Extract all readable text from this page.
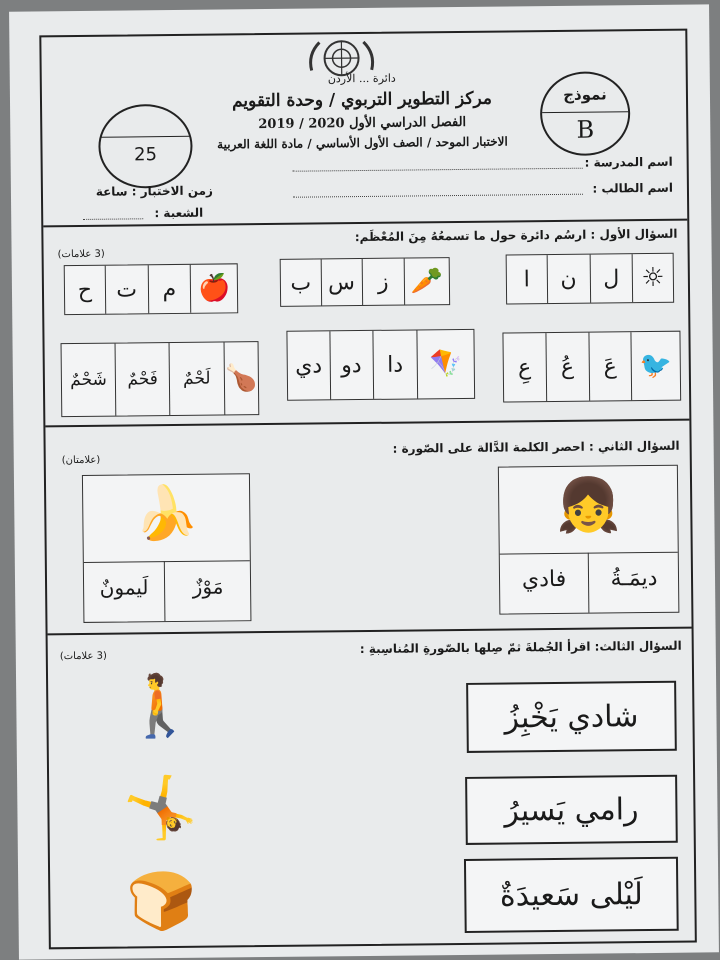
دائرة ... الأردن
مركز التطوير التربوي / وحدة التقويم
الفصل الدراسي الأول 2020 / 2019
الاختبار الموحد / الصف الأول الأساسي / مادة اللغة العربية
نموذج
B
25	اسم المدرسة :
اسم الطالب :
زمن الاختبار : ساعة
الشعبة :
السؤال الأول : ارسُم دائرة حول ما تسمعُهُ مِنَ المُعْظَم:
(3 علامات)
☼
ل
ن
ا
🥕
ز
س
ب
🍎
م
ت
ح
🐦
عَ
عُ
عِ
🪁
دا
دو
دي
🍗
لَحْمٌ
فَحْمٌ
شَحْمٌ
السؤال الثاني : احصر الكلمة الدَّالة على الصّورة :
(علامتان)
👧
ديمَـةُ
فادي
🍌
مَوْزٌ
لَيمونٌ
السؤال الثالث: اقرأ الجُملةَ ثمّ صِلها بالصّورةِ المُناسِبةِ :
(3 علامات)
🚶
🤸
🍞
شادي يَخْبِزُ
رامي يَسيرُ
لَيْلى سَعيدَةٌ
